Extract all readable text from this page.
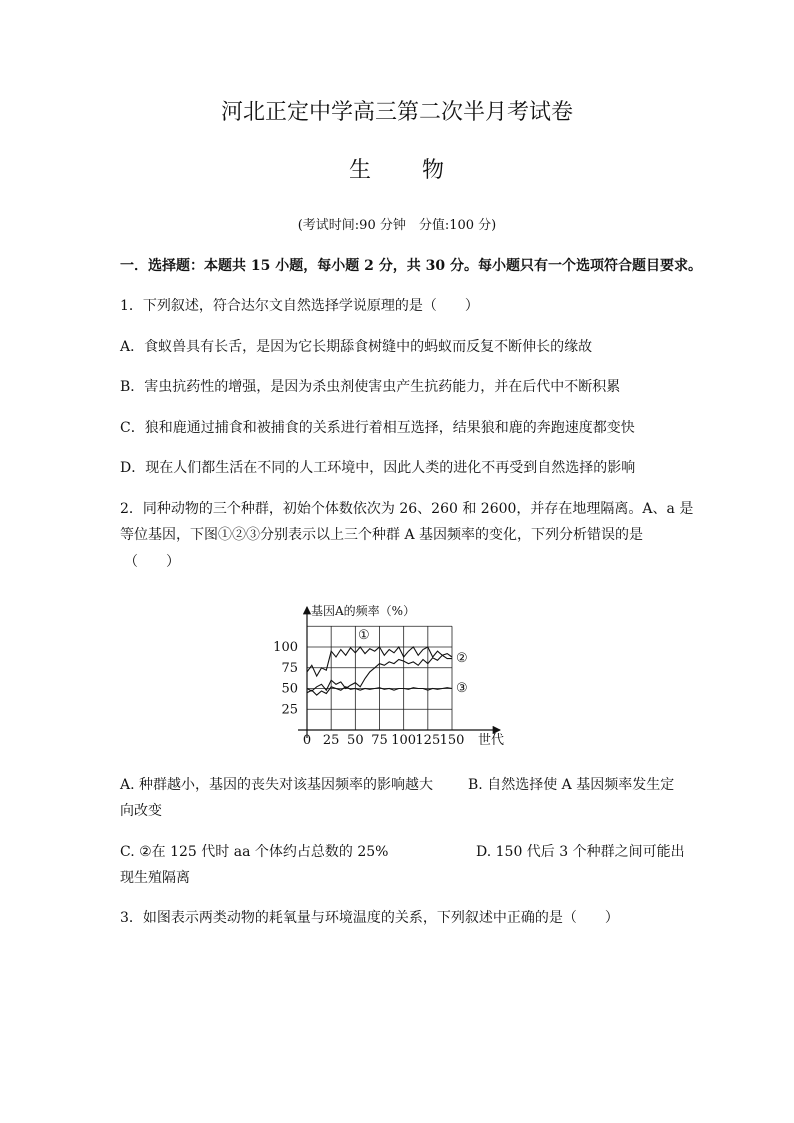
河北正定中学高三第二次半月考试卷
生 物
(考试时间:90 分钟　分值:100 分)
一．选择题：本题共 15 小题，每小题 2 分，共 30 分。每小题只有一个选项符合题目要求。
1．下列叙述，符合达尔文自然选择学说原理的是（　　）
A．食蚁兽具有长舌，是因为它长期舔食树缝中的蚂蚁而反复不断伸长的缘故
B．害虫抗药性的增强，是因为杀虫剂使害虫产生抗药能力，并在后代中不断积累
C．狼和鹿通过捕食和被捕食的关系进行着相互选择，结果狼和鹿的奔跑速度都变快
D．现在人们都生活在不同的人工环境中，因此人类的进化不再受到自然选择的影响
2．同种动物的三个种群，初始个体数依次为 26、260 和 2600，并存在地理隔离。A、a 是
等位基因，下图①②③分别表示以上三个种群 A 基因频率的变化，下列分析错误的是
（　　）
0 25 50 75 100 125 150
100
75
50
25
基因A的频率（%）
世代
①
②
③
A. 种群越小，基因的丧失对该基因频率的影响越大 B. 自然选择使 A 基因频率发生定
向改变
C. ②在 125 代时 aa 个体约占总数的 25%	D. 150 代后 3 个种群之间可能出
现生殖隔离
3．如图表示两类动物的耗氧量与环境温度的关系，下列叙述中正确的是（　　）
